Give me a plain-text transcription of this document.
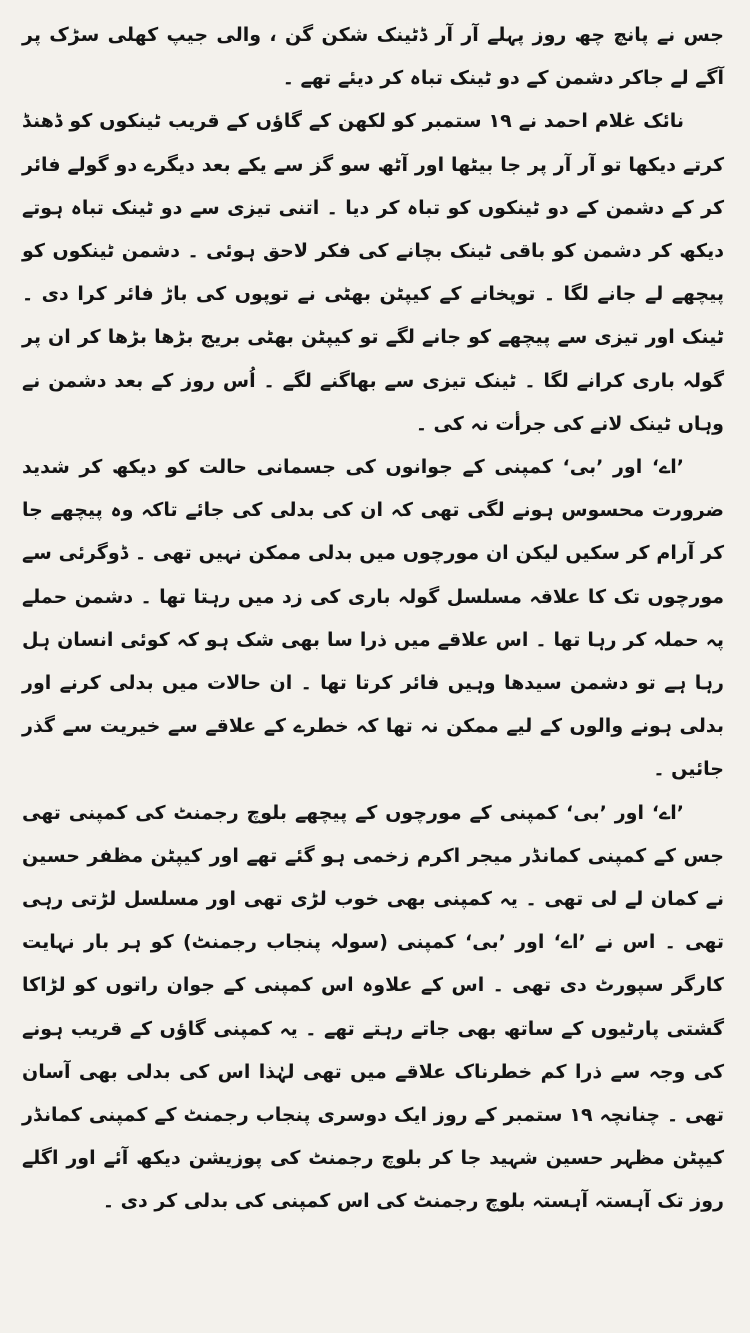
جس نے پانچ چھ روز پہلے آر آر ڈٹینک شکن گن ، والی جیپ کھلی سڑک پر آگے لے جاکر دشمن کے دو ٹینک تباہ کر دیئے تھے ۔

نائک غلام احمد نے ۱۹ ستمبر کو لکھن کے گاؤں کے قریب ٹینکوں کو ڈھنڈ کرتے دیکھا تو آر آر پر جا بیٹھا اور آٹھ سو گز سے یکے بعد دیگرے دو گولے فائر کر کے دشمن کے دو ٹینکوں کو تباہ کر دیا ۔ اتنی تیزی سے دو ٹینک تباہ ہوتے دیکھ کر دشمن کو باقی ٹینک بچانے کی فکر لاحق ہوئی ۔ دشمن ٹینکوں کو پیچھے لے جانے لگا ۔ توپخانے کے کیپٹن بھٹی نے توپوں کی باڑ فائر کرا دی ۔ ٹینک اور تیزی سے پیچھے کو جانے لگے تو کیپٹن بھٹی بریج بڑھا بڑھا کر ان پر گولہ باری کرانے لگا ۔ ٹینک تیزی سے بھاگنے لگے ۔ اُس روز کے بعد دشمن نے وہاں ٹینک لانے کی جرأت نہ کی ۔

’اے‘ اور ’بی‘ کمپنی کے جوانوں کی جسمانی حالت کو دیکھ کر شدید ضرورت محسوس ہونے لگی تھی کہ ان کی بدلی کی جائے تاکہ وہ پیچھے جا کر آرام کر سکیں لیکن ان مورچوں میں بدلی ممکن نہیں تھی ۔ ڈوگرئی سے مورچوں تک کا علاقہ مسلسل گولہ باری کی زد میں رہتا تھا ۔ دشمن حملے پہ حملہ کر رہا تھا ۔ اس علاقے میں ذرا سا بھی شک ہو کہ کوئی انسان ہل رہا ہے تو دشمن سیدھا وہیں فائر کرتا تھا ۔ ان حالات میں بدلی کرنے اور بدلی ہونے والوں کے لیے ممکن نہ تھا کہ خطرے کے علاقے سے خیریت سے گذر جائیں ۔

’اے‘ اور ’بی‘ کمپنی کے مورچوں کے پیچھے بلوچ رجمنٹ کی کمپنی تھی جس کے کمپنی کمانڈر میجر اکرم زخمی ہو گئے تھے اور کیپٹن مظفر حسین نے کمان لے لی تھی ۔ یہ کمپنی بھی خوب لڑی تھی اور مسلسل لڑتی رہی تھی ۔ اس نے ’اے‘ اور ’بی‘ کمپنی (سولہ پنجاب رجمنٹ) کو ہر بار نہایت کارگر سپورٹ دی تھی ۔ اس کے علاوہ اس کمپنی کے جوان راتوں کو لڑاکا گشتی پارٹیوں کے ساتھ بھی جاتے رہتے تھے ۔ یہ کمپنی گاؤں کے قریب ہونے کی وجہ سے ذرا کم خطرناک علاقے میں تھی لہٰذا اس کی بدلی بھی آسان تھی ۔ چنانچہ ۱۹ ستمبر کے روز ایک دوسری پنجاب رجمنٹ کے کمپنی کمانڈر کیپٹن مظہر حسین شہید جا کر بلوچ رجمنٹ کی پوزیشن دیکھ آئے اور اگلے روز تک آہستہ آہستہ بلوچ رجمنٹ کی اس کمپنی کی بدلی کر دی ۔
